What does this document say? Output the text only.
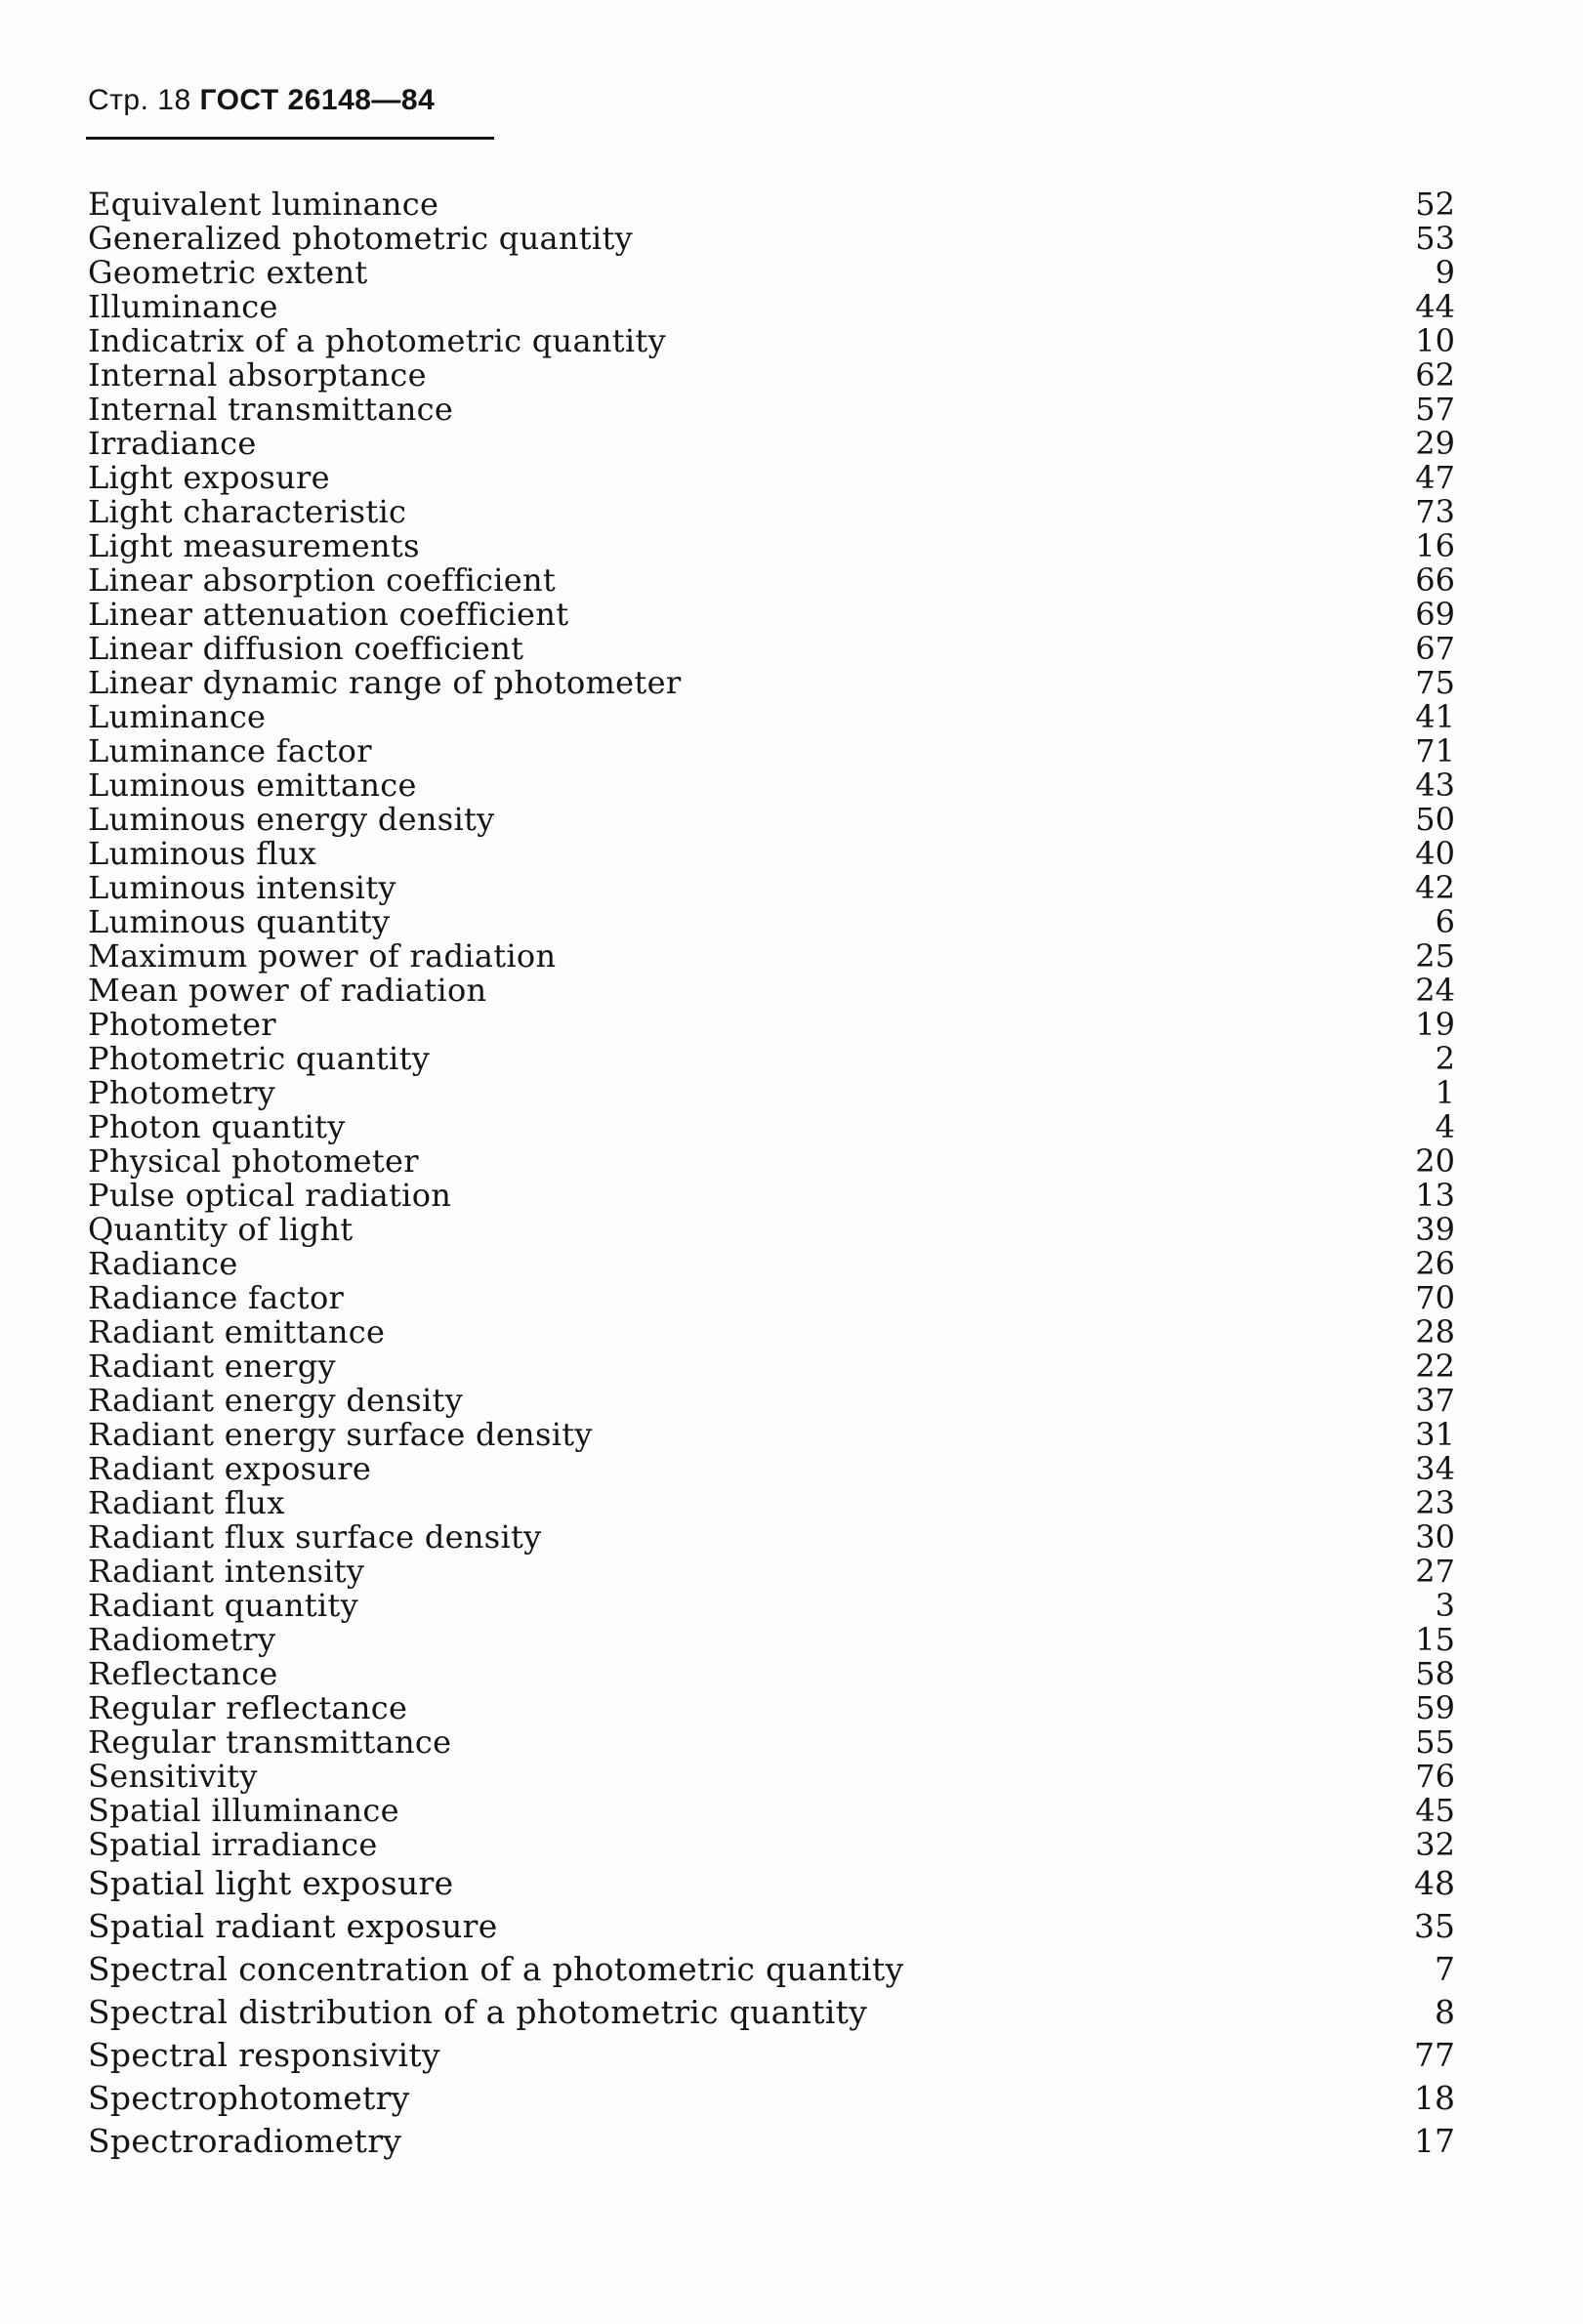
Стр. 18 ГОСТ 26148—84
Equivalent luminance	52
Generalized photometric quantity	53
Geometric extent	9
Illuminance	44
Indicatrix of a photometric quantity	10
Internal absorptance	62
Internal transmittance	57
Irradiance	29
Light exposure	47
Light characteristic	73
Light measurements	16
Linear absorption coefficient	66
Linear attenuation coefficient	69
Linear diffusion coefficient	67
Linear dynamic range of photometer	75
Luminance	41
Luminance factor	71
Luminous emittance	43
Luminous energy density	50
Luminous flux	40
Luminous intensity	42
Luminous quantity	6
Maximum power of radiation	25
Mean power of radiation	24
Photometer	19
Photometric quantity	2
Photometry	1
Photon quantity	4
Physical photometer	20
Pulse optical radiation	13
Quantity of light	39
Radiance	26
Radiance factor	70
Radiant emittance	28
Radiant energy	22
Radiant energy density	37
Radiant energy surface density	31
Radiant exposure	34
Radiant flux	23
Radiant flux surface density	30
Radiant intensity	27
Radiant quantity	3
Radiometry	15
Reflectance	58
Regular reflectance	59
Regular transmittance	55
Sensitivity	76
Spatial illuminance	45
Spatial irradiance	32
Spatial light exposure	48
Spatial radiant exposure	35
Spectral concentration of a photometric quantity	7
Spectral distribution of a photometric quantity	8
Spectral responsivity	77
Spectrophotometry	18
Spectroradiometry	17
